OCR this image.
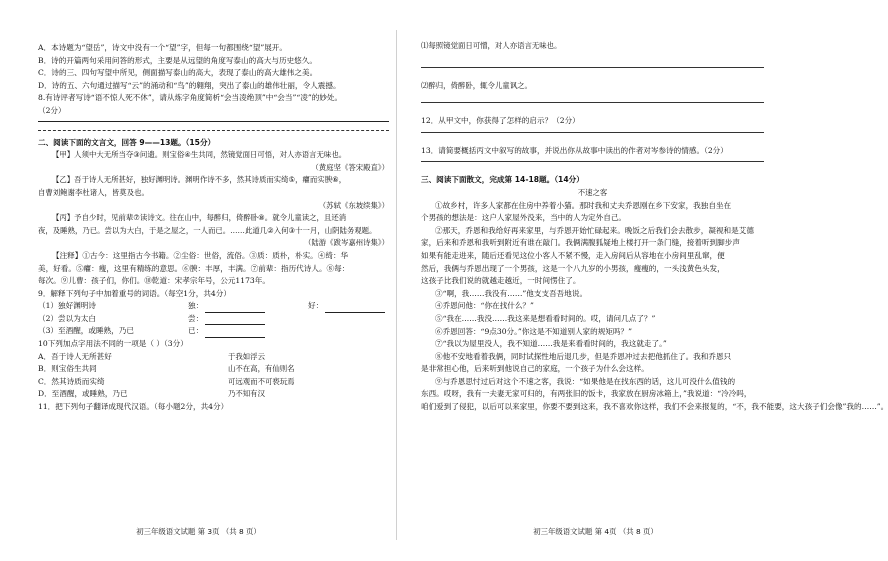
A．本诗题为“望岳”，诗文中没有一个“望”字，但每一句都围绕“望”展开。
B．诗的开篇两句采用问答的形式，主要是从远望的角度写泰山的高大与历史悠久。
C．诗的三、四句写望中所见，侧面描写泰山的高大，表现了泰山的高大雄伟之美。
D．诗的五、六句通过描写“云”的涌动和“鸟”的翱翔，突出了泰山的雄伟壮丽，令人震撼。
8.有诗评者写诗“语不惊人死不休”，请从炼字角度简析“会当凌绝顶”中“会当”“凌”的妙处。
（2分）
二、阅读下面的文言文，回答 9——13题。（15分）
【甲】人须中大无所当夺③问遗。则宝俗④生共同，然镜觉面日可悟，对人亦语言无味也。
（黄庭坚《答宋殿直》）
【乙】吾于诗人无所甚好，独好渊明诗。渊明作诗不多，然其诗质而实绮⑤，癯而实腴⑥，
自曹刘鲍谢李杜诸人，皆莫及也。
（苏轼《东坡续集》）
【丙】予自少时，见前辈⑦读诗文。往在山中，每醉归，倚醉卧⑧。就令儿童读之，且还消
夜，及睡熟，乃已。尝以为大白，于是之屋之，一人而已。……此道几②入何③十一月，山阴陆务观题。
（陆游《跋岑嘉州诗集》）
【注释】①古今：这里指古今书籍。②尘俗：世俗，流俗。③质：质朴，朴实。④绮：华
美，好看。⑤癯：瘦，这里有精练的意思。⑥腴：丰厚，丰满。⑦前辈：指历代诗人。⑧每：
每次。⑨儿曹：孩子们，你们。⑩乾道：宋孝宗年号，公元1173年。
9．解释下列句子中加着重号的词语。（每空1分，共4分）
（1）独好渊明诗	独：	好：
（2）尝以为太白	尝：
（3）至酒醒，或睡熟，乃已	已：
10下列加点字用法不同的一项是（ ）（3分）
A．吾于诗人无所甚好	于我如浮云
B．则宝俗生共同	山不在高，有仙则名
C．然其诗质而实绮	可远观而不可亵玩焉
D．至酒醒，或睡熟，乃已	乃不知有汉
11．把下列句子翻译成现代汉语。（每小题2分，共4分）
初三年级语文试题 第 3页 （共 8 页）
⑴每照镜觉面日可憎，对人亦语言无味也。
⑵醉归，倚醉卧，辄令儿童讽之。
12．从甲文中，你获得了怎样的启示？（2分）
13．请简要概括丙文中叙写的故事，并说出你从故事中读出的作者对岑参诗的情感。（2分）
三、阅读下面散文，完成第 14-18题。（14分）
不速之客
①故乡村，许多人家都在住房中养着小猫。那时我和丈夫乔恩刚在乡下安家，我独自坐在
个男孩的想法是：这户人家屋外没来，当中的人为定外自己。
②那天，乔恩和我给好再来家里，与乔恩开始忙碌起来。晚饭之后我们会去散步，凝视和是艾德
家，后来和乔恩和我听到附近有谁在敲门。我俩满腹狐疑地上楼打开一条门缝，接着听到脚步声
如果有能走进来，随后还看见这位小客人不紧不慢，走入房间后从容地在小房间里乱窜，便
然后，我俩与乔恩出现了一个男孩，这是一个八九岁的小男孩，瘦瘦的，一头浅黄色头发，
这孩子比我们说的就越走越近，一时间愣住了。
③“啊，我……我没有……”他支支吾吾地说。
④乔恩问他：“你在找什么？”
⑤“我在……我没……我这来是想看看时间的。哎，请问几点了？”
⑥乔恩回答：“9点30分。”你这是不知道别人家的规矩吗？”
⑦“我以为屋里没人，我不知道……我是来看看时间的，我这就走了。”
⑧他不安地看着我俩，同时试探性地后退几步，但是乔恩冲过去把他抓住了。我和乔恩只
是非常担心他，后来听到他说自己的家庭，一个孩子为什么会这样。
⑨与乔恩思忖过后对这个不速之客，我说：“如果他是在找东西的话，这儿可没什么值钱的
东西。哎呀，我有一夫妻无家可归的，有两张旧的饭卡，我家放在厨房冰箱上，”我说道：“冷冷吗，
咱们爱到了侵犯，以后可以来家里，你要不要到这来，我不喜欢你这样，我们不会来报复的，“不，我不能要，这大孩子们会像”我的……”。
初三年级语文试题 第 4页 （共 8 页）
